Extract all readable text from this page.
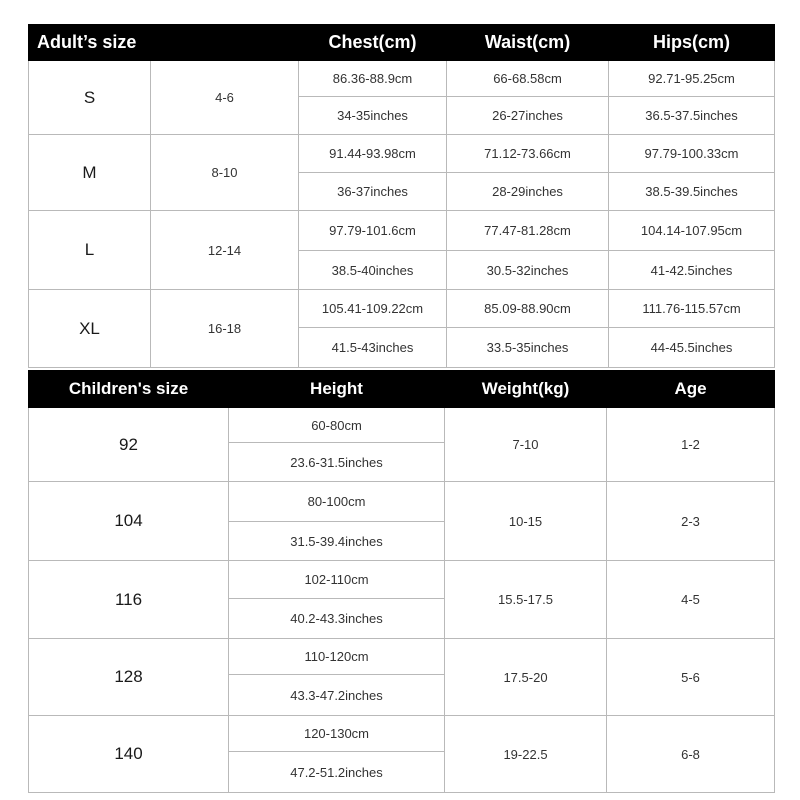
Adult’s size		Chest(cm)	Waist(cm)	Hips(cm)
S	4-6	86.36-88.9cm	66-68.58cm	92.71-95.25cm
		34-35inches	26-27inches	36.5-37.5inches
M	8-10	91.44-93.98cm	71.12-73.66cm	97.79-100.33cm
		36-37inches	28-29inches	38.5-39.5inches
L	12-14	97.79-101.6cm	77.47-81.28cm	104.14-107.95cm
		38.5-40inches	30.5-32inches	41-42.5inches
XL	16-18	105.41-109.22cm	85.09-88.90cm	111.76-115.57cm
		41.5-43inches	33.5-35inches	44-45.5inches
Children's size	Height	Weight(kg)	Age
92	60-80cm	7-10	1-2
	23.6-31.5inches		
104	80-100cm	10-15	2-3
	31.5-39.4inches		
116	102-110cm	15.5-17.5	4-5
	40.2-43.3inches		
128	110-120cm	17.5-20	5-6
	43.3-47.2inches		
140	120-130cm	19-22.5	6-8
	47.2-51.2inches		
